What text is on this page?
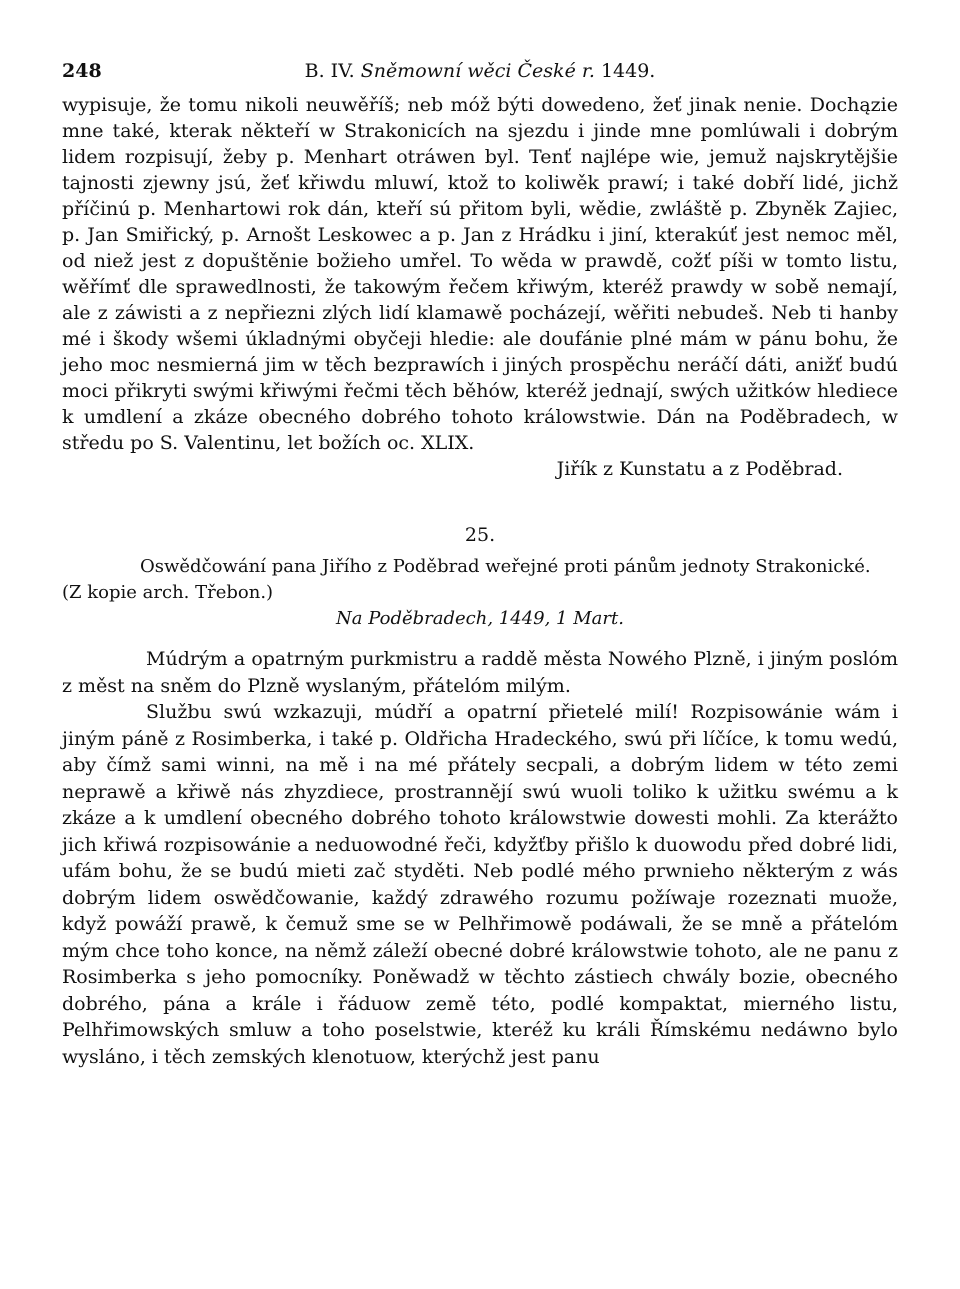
248	B. IV. Sněmowní wěci České r. 1449.

wypisuje, že tomu nikoli neuwěříš; neb móž býti dowedeno, žeť jinak nenie. Dochązie mne také, kterak někteří w Strakonicích na sjezdu i jinde mne pomlúwali i dobrým lidem rozpisují, žeby p. Menhart otráwen byl. Tenť najlépe wie, jemuž najskrytějšie tajnosti zjewny jsú, žeť křiwdu mluwí, ktož to koliwěk prawí; i také dobří lidé, jichž příčinú p. Menhartowi rok dán, kteří sú přitom byli, wědie, zwláště p. Zbyněk Zajiec, p. Jan Smiřický, p. Arnošt Leskowec a p. Jan z Hrádku i jiní, kterakúť jest nemoc měl, od niež jest z dopuštěnie božieho umřel. To wěda w prawdě, cožť píši w tomto listu, wěřímť dle sprawedlnosti, že takowým řečem křiwým, kteréž prawdy w sobě nemají, ale z záwisti a z nepřiezni zlých lidí klamawě pocházejí, wěřiti nebudeš. Neb ti hanby mé i škody wšemi úkladnými obyčeji hledie: ale doufánie plné mám w pánu bohu, že jeho moc nesmierná jim w těch bezprawích i jiných prospěchu neráčí dáti, anižť budú moci přikryti swými křiwými řečmi těch běhów, kteréž jednají, swých užitków hlediece k umdlení a zkáze obecného dobrého tohoto králowstwie. Dán na Poděbradech, w středu po S. Valentinu, let božích oc. XLIX.

Jiřík z Kunstatu a z Poděbrad.
25.

Oswědčowání pana Jiřího z Poděbrad weřejné proti pánům jednoty Strakonické.

(Z kopie arch. Třebon.)

Na Poděbradech, 1449, 1 Mart.

Múdrým a opatrným purkmistru a raddě města Nowého Plzně, i jiným poslóm z měst na sněm do Plzně wyslaným, přátelóm milým.

Službu swú wzkazuji, múdří a opatrní přietelé milí! Rozpisowánie wám i jiným páně z Rosimberka, i také p. Oldřicha Hradeckého, swú při líčíce, k tomu wedú, aby čímž sami winni, na mě i na mé přátely secpali, a dobrým lidem w této zemi neprawě a křiwě nás zhyzdiece, prostrannějí swú wuoli toliko k užitku swému a k zkáze a k umdlení obecného dobrého tohoto králowstwie dowesti mohli. Za kterážto jich křiwá rozpisowánie a neduowodné řeči, kdyžťby přišlo k duowodu před dobré lidi, ufám bohu, že se budú mieti zač styděti. Neb podlé mého prwnieho některým z wás dobrým lidem oswědčowanie, každý zdrawého rozumu požíwaje rozeznati muože, když powáží prawě, k čemuž sme se w Pelhřimowě podáwali, že se mně a přátelóm mým chce toho konce, na němž záleží obecné dobré králowstwie tohoto, ale ne panu z Rosimberka s jeho pomocníky. Poněwadž w těchto zástiech chwály bozie, obecného dobrého, pána a krále i řáduow země této, podlé kompaktat, mierného listu, Pelhřimowských smluw a toho poselstwie, kteréž ku králi Římskému nedáwno bylo wysláno, i těch zemských klenotuow, kterýchž jest panu
